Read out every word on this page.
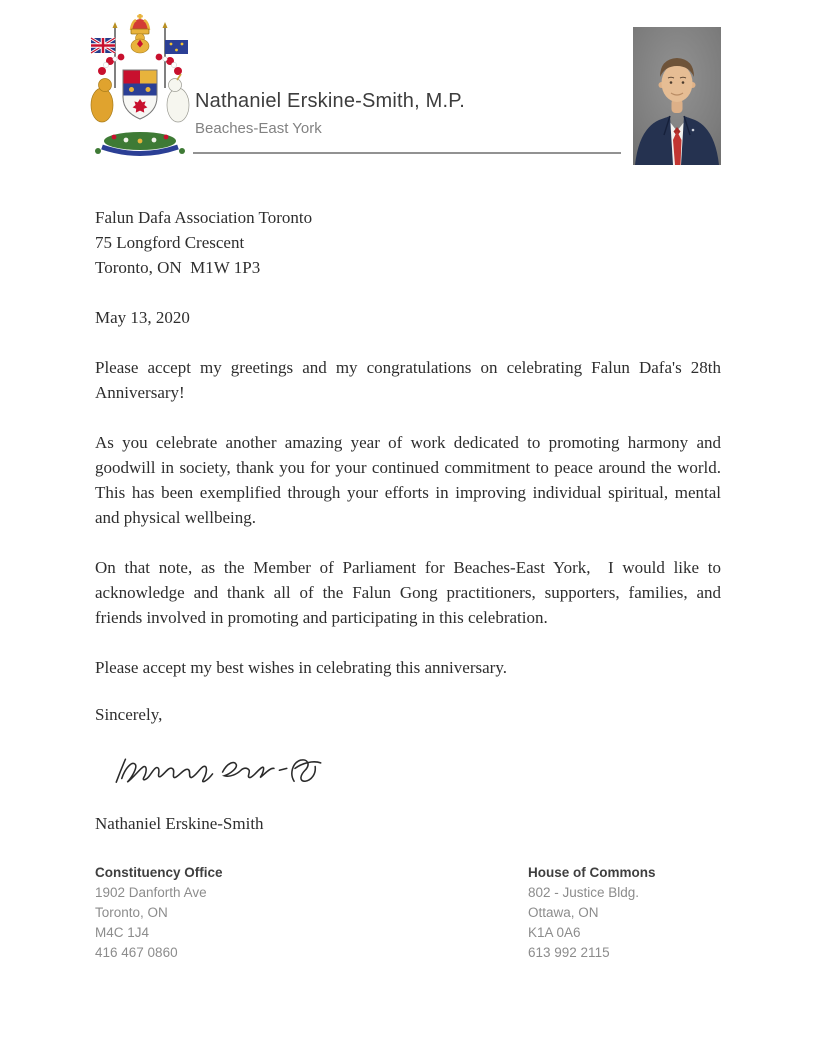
Nathaniel Erskine-Smith, M.P.
Beaches-East York
Falun Dafa Association Toronto
75 Longford Crescent
Toronto, ON  M1W 1P3
May 13, 2020

Please accept my greetings and my congratulations on celebrating Falun Dafa's 28th Anniversary!

As you celebrate another amazing year of work dedicated to promoting harmony and goodwill in society, thank you for your continued commitment to peace around the world. This has been exemplified through your efforts in improving individual spiritual, mental and physical wellbeing.

On that note, as the Member of Parliament for Beaches-East York,  I would like to acknowledge and thank all of the Falun Gong practitioners, supporters, families, and friends involved in promoting and participating in this celebration.

Please accept my best wishes in celebrating this anniversary.

Sincerely,
Nathaniel Erskine-Smith
Constituency Office
1902 Danforth Ave
Toronto, ON
M4C 1J4
416 467 0860
House of Commons
802 - Justice Bldg.
Ottawa, ON
K1A 0A6
613 992 2115
